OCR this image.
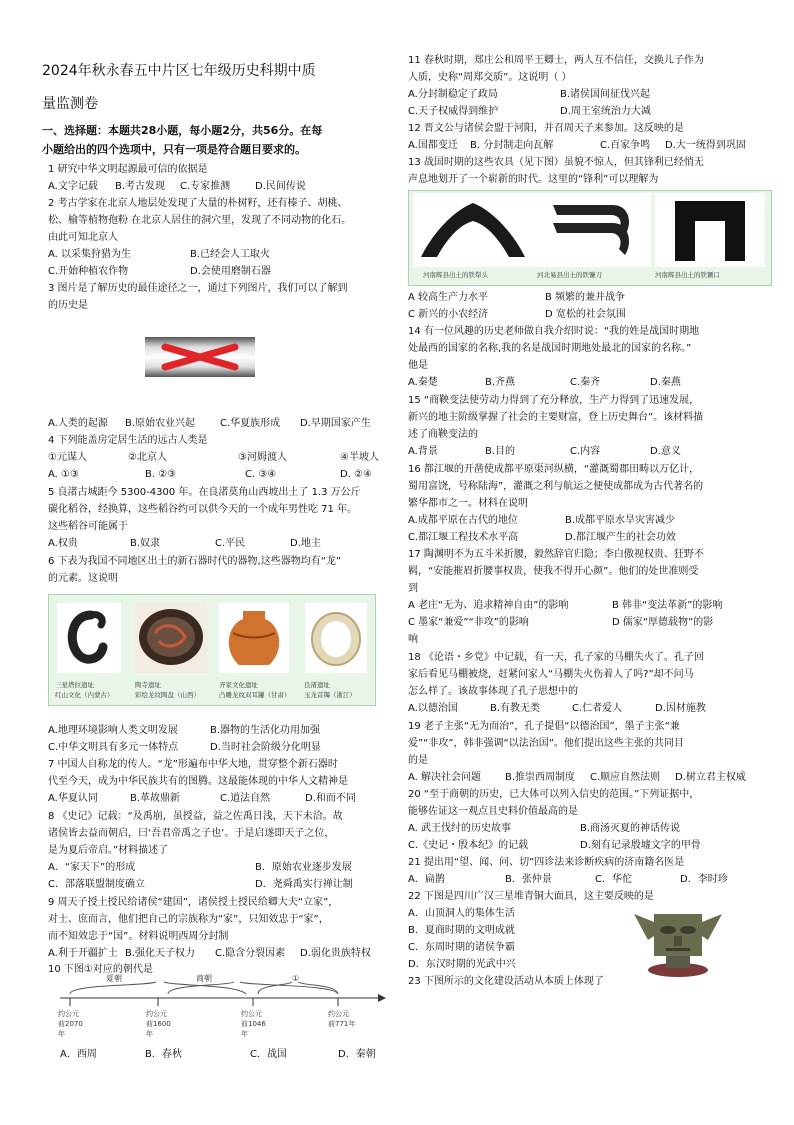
2024年秋永春五中片区七年级历史科期中质
量监测卷
一、选择题：本题共28小题，每小题2分，共56分。在每
小题给出的四个选项中，只有一项是符合题目要求的。
1 研究中华文明起源最可信的依据是
A.文字记载 B.考古发现 C.专家推测 D.民间传说
2 考古学家在北京人地层处发现了大量的朴树籽，还有榛子、胡桃、
松、榆等植物孢粉 在北京人居住的洞穴里，发现了不同动物的化石。
由此可知北京人
A. 以采集狩猎为生	B.已经会人工取火
C.开始种植农作物	D.会使用磨制石器
3 图片是了解历史的最佳途径之一，通过下列图片，我们可以了解到
的历史是
A.人类的起源 B.原始农业兴起 C.华夏族形成 D.早期国家产生
4 下列能盖房定居生活的远古人类是
①元谋人	②北京人	③河姆渡人	④半坡人
A. ①③	B. ②③	C. ③④	D. ②④
5 良渚古城距今 5300-4300 年。在良渚莫角山西坡出土了 1.3 万公斤
碳化稻谷，经换算，这些稻谷约可以供今天的一个成年男性吃 71 年。
这些稻谷可能属于
A.权贵	B.奴隶	C.平民	D.地主
6 下表为我国不同地区出土的新石器时代的器物,这些器物均有“龙”
的元素。这说明
三星塔拉遗址
红山文化（内蒙古）
陶寺遗址
彩绘龙纹陶盘（山西）
齐家文化遗址
凸雕龙纹双耳罐（甘肃）
良渚遗址
玉龙首镯（浙江）
A.地理环境影响人类文明发展	B.器物的生活化功用加强
C.中华文明具有多元一体特点	D.当时社会阶级分化明显
7 中国人自称龙的传人。“龙”形遍布中华大地，贯穿整个新石器时
代至今天，成为中华民族共有的图腾。这最能体现的中华人文精神是
A.华夏认同	B.革故鼎新	C.道法自然	D.和而不同
8 《史记》记载：“及禹崩，虽授益，益之佐禹日浅，天下未洽。故
诸侯皆去益而朝启，曰‘吾君帝禹之子也’。于是启遂即天子之位，
是为夏后帝启。”材料描述了
A．“家天下”的形成	B．原始农业逐步发展
C．部落联盟制度确立	D．尧舜禹实行禅让制
9 周天子授土授民给诸侯“建国”，诸侯授土授民给卿大夫“立家”，
对士、庶而言，他们把自己的宗族称为“家”，只知效忠于“家”，
而不知效忠于“国”。材料说明西周分封制
A.利于开疆扩土 B.强化天子权力 C.隐含分裂因素 D.弱化贵族特权
10 下图①对应的朝代是
夏朝	商朝	①
约公元
前2070
年
约公元
前1600
年
约公元
前1046
年
约公元
前771年
A．西周	B．春秋	C．战国	D．秦朝
11 春秋时期，郑庄公和周平王卿士，两人互不信任，交换儿子作为
人质，史称“周郑交质”。这说明（ ）
A.分封制稳定了政局	B.诸侯国间征伐兴起
C.天子权威得到维护	D.周王室统治力大减
12 晋文公与诸侯会盟于河阳，并召周天子来参加。这反映的是
A.国都变迁 B. 分封制走向瓦解	C.百家争鸣 D.大一统得到巩固
13 战国时期的这些农具（见下图）虽貌不惊人，但其锋利已经悄无
声息地划开了一个崭新的时代。这里的“锋利”可以理解为
河南辉县出土的铁犁头	河北易县出土的铁镰刀	河南辉县出土的铁镢口
A 较高生产力水平	B 频繁的兼并战争
C 新兴的小农经济	D 宽松的社会氛围
14 有一位风趣的历史老师做自我介绍时说：“我的姓是战国时期地
处最西的国家的名称,我的名是战国时期地处最北的国家的名称。”
他是
A.秦楚	B.齐燕	C.秦齐	D.秦燕
15 “商鞅变法使劳动力得到了充分释放，生产力得到了迅速发展，
新兴的地主阶级掌握了社会的主要财富，登上历史舞台”。该材料描
述了商鞅变法的
A.背景	B.目的	C.内容	D.意义
16 都江堰的开凿使成都平原渠河纵横，“灌溉蜀郡田畴以万亿计，
蜀用富饶，号称陆海”，灌溉之利与航运之便使成都成为古代著名的
繁华都市之一。材料在说明
A.成都平原在古代的地位	B.成都平原水旱灾害减少
C.都江堰工程技术水平高	D.都江堰产生的社会功效
17 陶渊明不为五斗米折腰，毅然辞官归隐；李白傲视权贵、狂野不
羁，“安能摧眉折腰事权贵，使我不得开心颜”。他们的处世准则受
到
A 老庄“无为、追求精神自由”的影响	B 韩非“变法革新”的影响
C 墨家“兼爱”“非攻”的影响	D 儒家“厚德载物”的影
响
18 《论语・乡党》中记载，有一天，孔子家的马棚失火了。孔子回
家后看见马棚被烧，赶紧问家人“马棚失火伤着人了吗?”却不问马
怎么样了。该故事体现了孔子思想中的
A.以德治国	B.有教无类	C.仁者爱人	D.因材施教
19 老子主张“无为而治”，孔子提倡“以德治国”，墨子主张“兼
爱”“非攻”，韩非强调“以法治国”。他们提出这些主张的共同目
的是
A. 解决社会问题 B.推崇西周制度 C.顺应自然法则 D.树立君主权威
20 “至于商朝的历史，已大体可以列入信史的范围。”下列证据中，
能够佐证这一观点且史料价值最高的是
A. 武王伐纣的历史故事	B.商汤灭夏的神话传说
C.《史记・殷本纪》的记载	D.刻有记录殷墟文字的甲骨
21 提出用“望、闻、问、切”四诊法来诊断疾病的济南籍名医是
A．扁鹊	B．张仲景	C．华佗	D．李时珍
22 下图是四川广汉三星堆青铜大面具，这主要反映的是
A．山顶洞人的集体生活
B．夏商时期的文明成就
C．东周时期的诸侯争霸
D．东汉时期的光武中兴
23 下图所示的文化建设活动从本质上体现了
